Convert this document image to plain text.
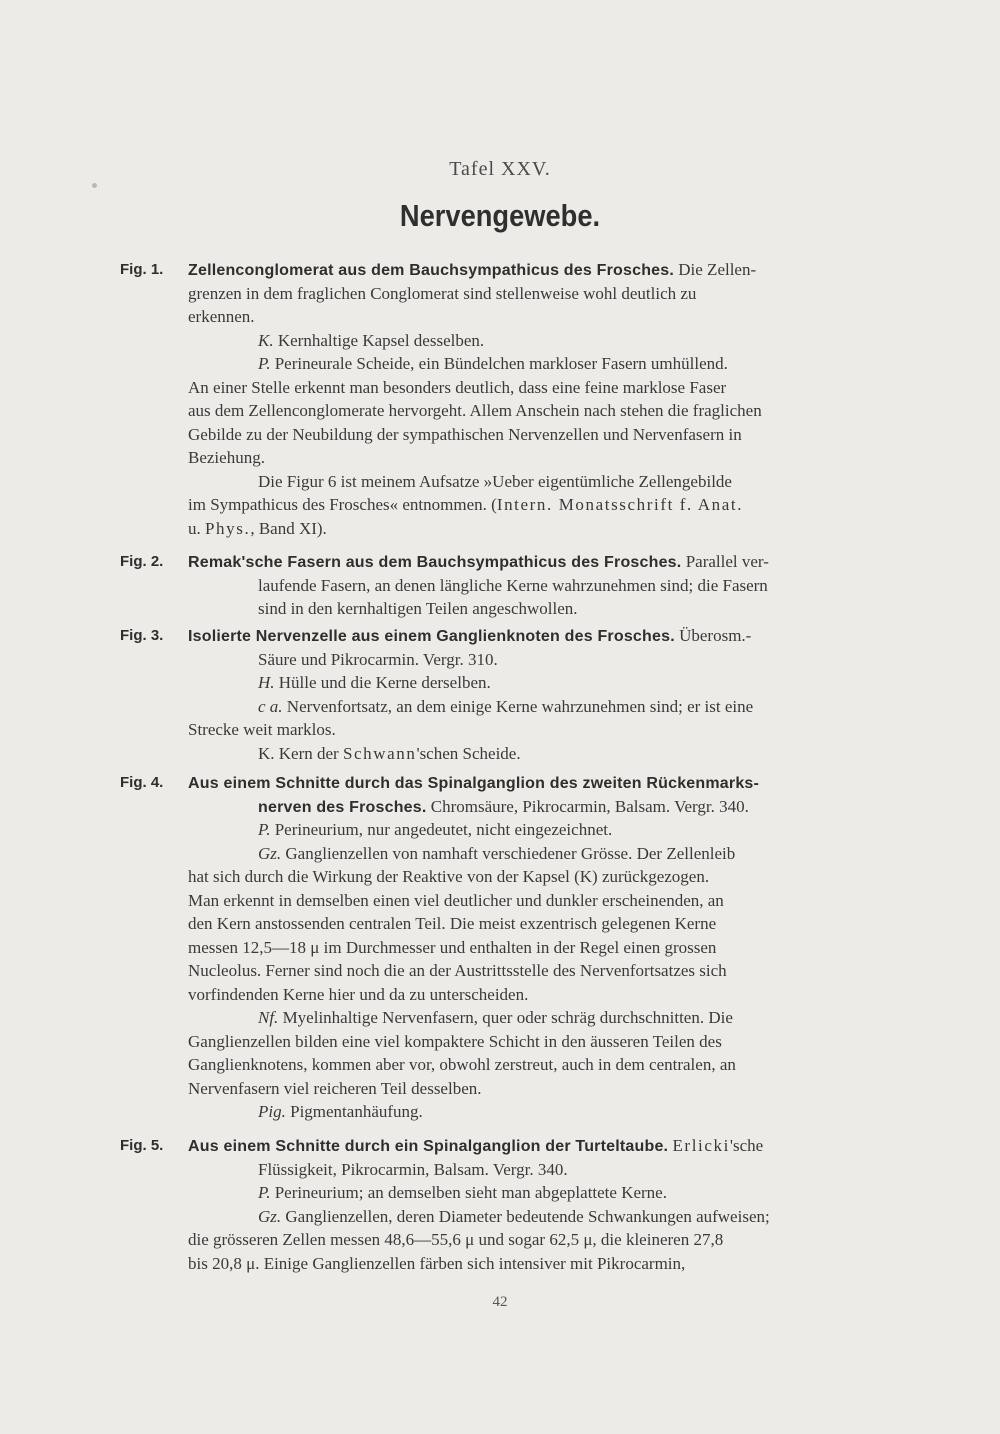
Tafel XXV.
Nervengewebe.
Fig. 1.	Zellenconglomerat aus dem Bauchsympathicus des Frosches. Die Zellen-
grenzen in dem fraglichen Conglomerat sind stellenweise wohl deutlich zu
erkennen.
K. Kernhaltige Kapsel desselben.
P. Perineurale Scheide, ein Bündelchen markloser Fasern umhüllend.
An einer Stelle erkennt man besonders deutlich, dass eine feine marklose Faser
aus dem Zellenconglomerate hervorgeht. Allem Anschein nach stehen die fraglichen
Gebilde zu der Neubildung der sympathischen Nervenzellen und Nervenfasern in
Beziehung.
Die Figur 6 ist meinem Aufsatze »Ueber eigentümliche Zellengebilde
im Sympathicus des Frosches« entnommen. (Intern. Monatsschrift f. Anat.
u. Phys., Band XI).
Fig. 2.	Remak'sche Fasern aus dem Bauchsympathicus des Frosches. Parallel ver-
laufende Fasern, an denen längliche Kerne wahrzunehmen sind; die Fasern
sind in den kernhaltigen Teilen angeschwollen.
Fig. 3.	Isolierte Nervenzelle aus einem Ganglienknoten des Frosches. Überosm.-
Säure und Pikrocarmin. Vergr. 310.
H. Hülle und die Kerne derselben.
c a. Nervenfortsatz, an dem einige Kerne wahrzunehmen sind; er ist eine
Strecke weit marklos.
K. Kern der Schwann'schen Scheide.
Fig. 4.	Aus einem Schnitte durch das Spinalganglion des zweiten Rückenmarks-
nerven des Frosches. Chromsäure, Pikrocarmin, Balsam. Vergr. 340.
P. Perineurium, nur angedeutet, nicht eingezeichnet.
Gz. Ganglienzellen von namhaft verschiedener Grösse. Der Zellenleib
hat sich durch die Wirkung der Reaktive von der Kapsel (K) zurückgezogen.
Man erkennt in demselben einen viel deutlicher und dunkler erscheinenden, an
den Kern anstossenden centralen Teil. Die meist exzentrisch gelegenen Kerne
messen 12,5—18 μ im Durchmesser und enthalten in der Regel einen grossen
Nucleolus. Ferner sind noch die an der Austrittsstelle des Nervenfortsatzes sich
vorfindenden Kerne hier und da zu unterscheiden.
Nf. Myelinhaltige Nervenfasern, quer oder schräg durchschnitten. Die
Ganglienzellen bilden eine viel kompaktere Schicht in den äusseren Teilen des
Ganglienknotens, kommen aber vor, obwohl zerstreut, auch in dem centralen, an
Nervenfasern viel reicheren Teil desselben.
Pig. Pigmentanhäufung.
Fig. 5.	Aus einem Schnitte durch ein Spinalganglion der Turteltaube. Erlicki'sche
Flüssigkeit, Pikrocarmin, Balsam. Vergr. 340.
P. Perineurium; an demselben sieht man abgeplattete Kerne.
Gz. Ganglienzellen, deren Diameter bedeutende Schwankungen aufweisen;
die grösseren Zellen messen 48,6—55,6 μ und sogar 62,5 μ, die kleineren 27,8
bis 20,8 μ. Einige Ganglienzellen färben sich intensiver mit Pikrocarmin,
42
